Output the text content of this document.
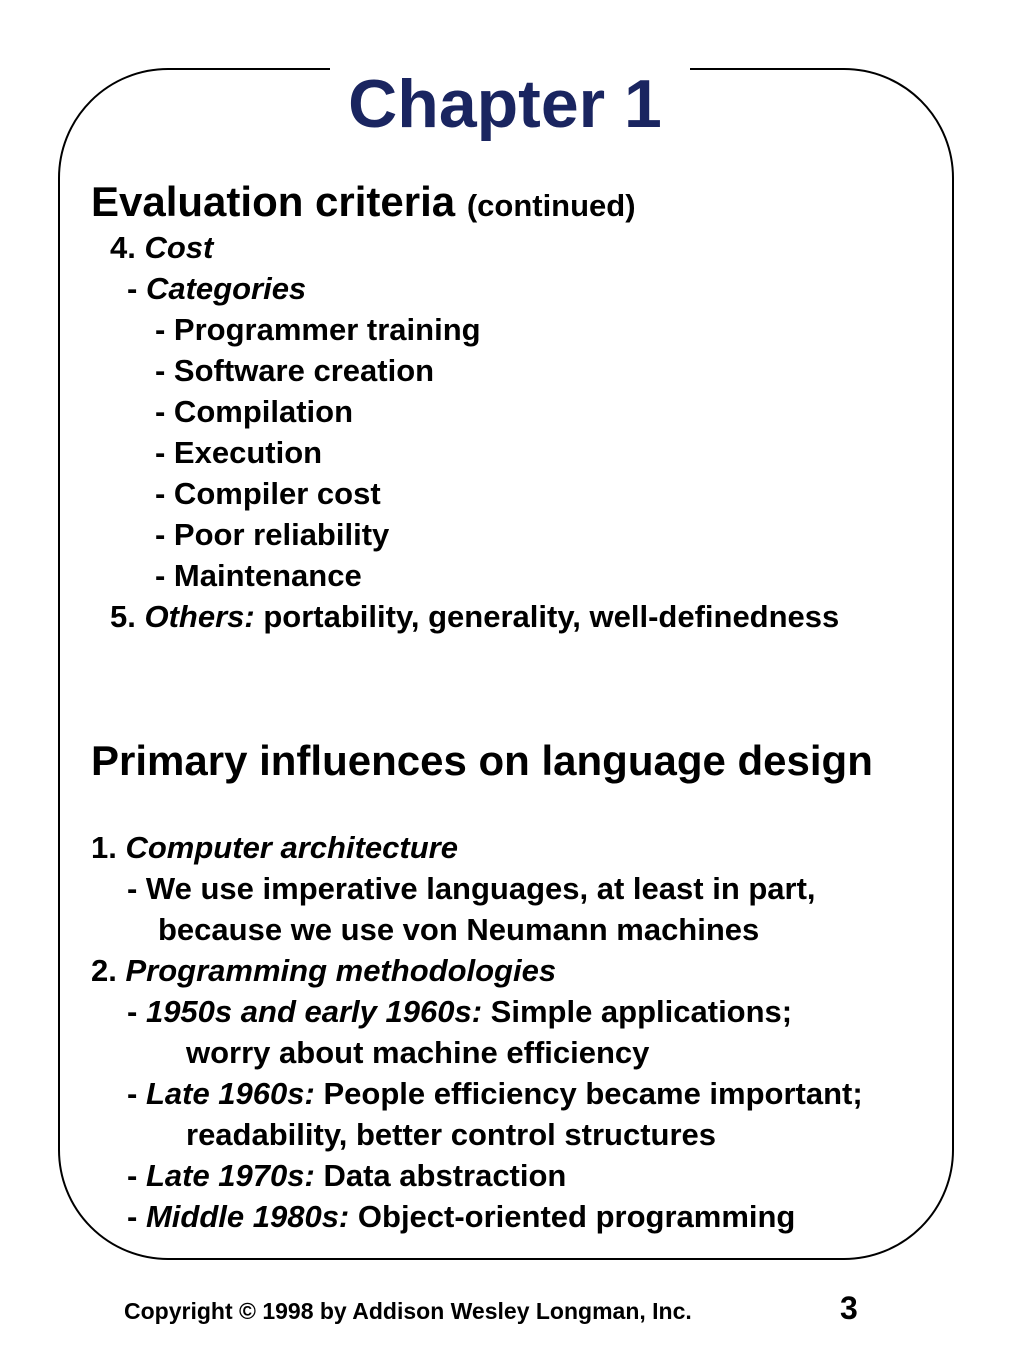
Chapter 1
Evaluation criteria (continued)
4. Cost
- Categories
- Programmer training
- Software creation
- Compilation
- Execution
- Compiler cost
- Poor reliability
- Maintenance
5. Others: portability, generality, well-definedness
Primary influences on language design
1. Computer architecture
- We use imperative languages, at least in part,
because we use von Neumann machines
2. Programming methodologies
- 1950s and early 1960s: Simple applications;
worry about machine efficiency
- Late 1960s: People efficiency became important;
readability, better control structures
- Late 1970s: Data abstraction
- Middle 1980s: Object-oriented programming
Copyright © 1998 by Addison Wesley Longman, Inc.	3
